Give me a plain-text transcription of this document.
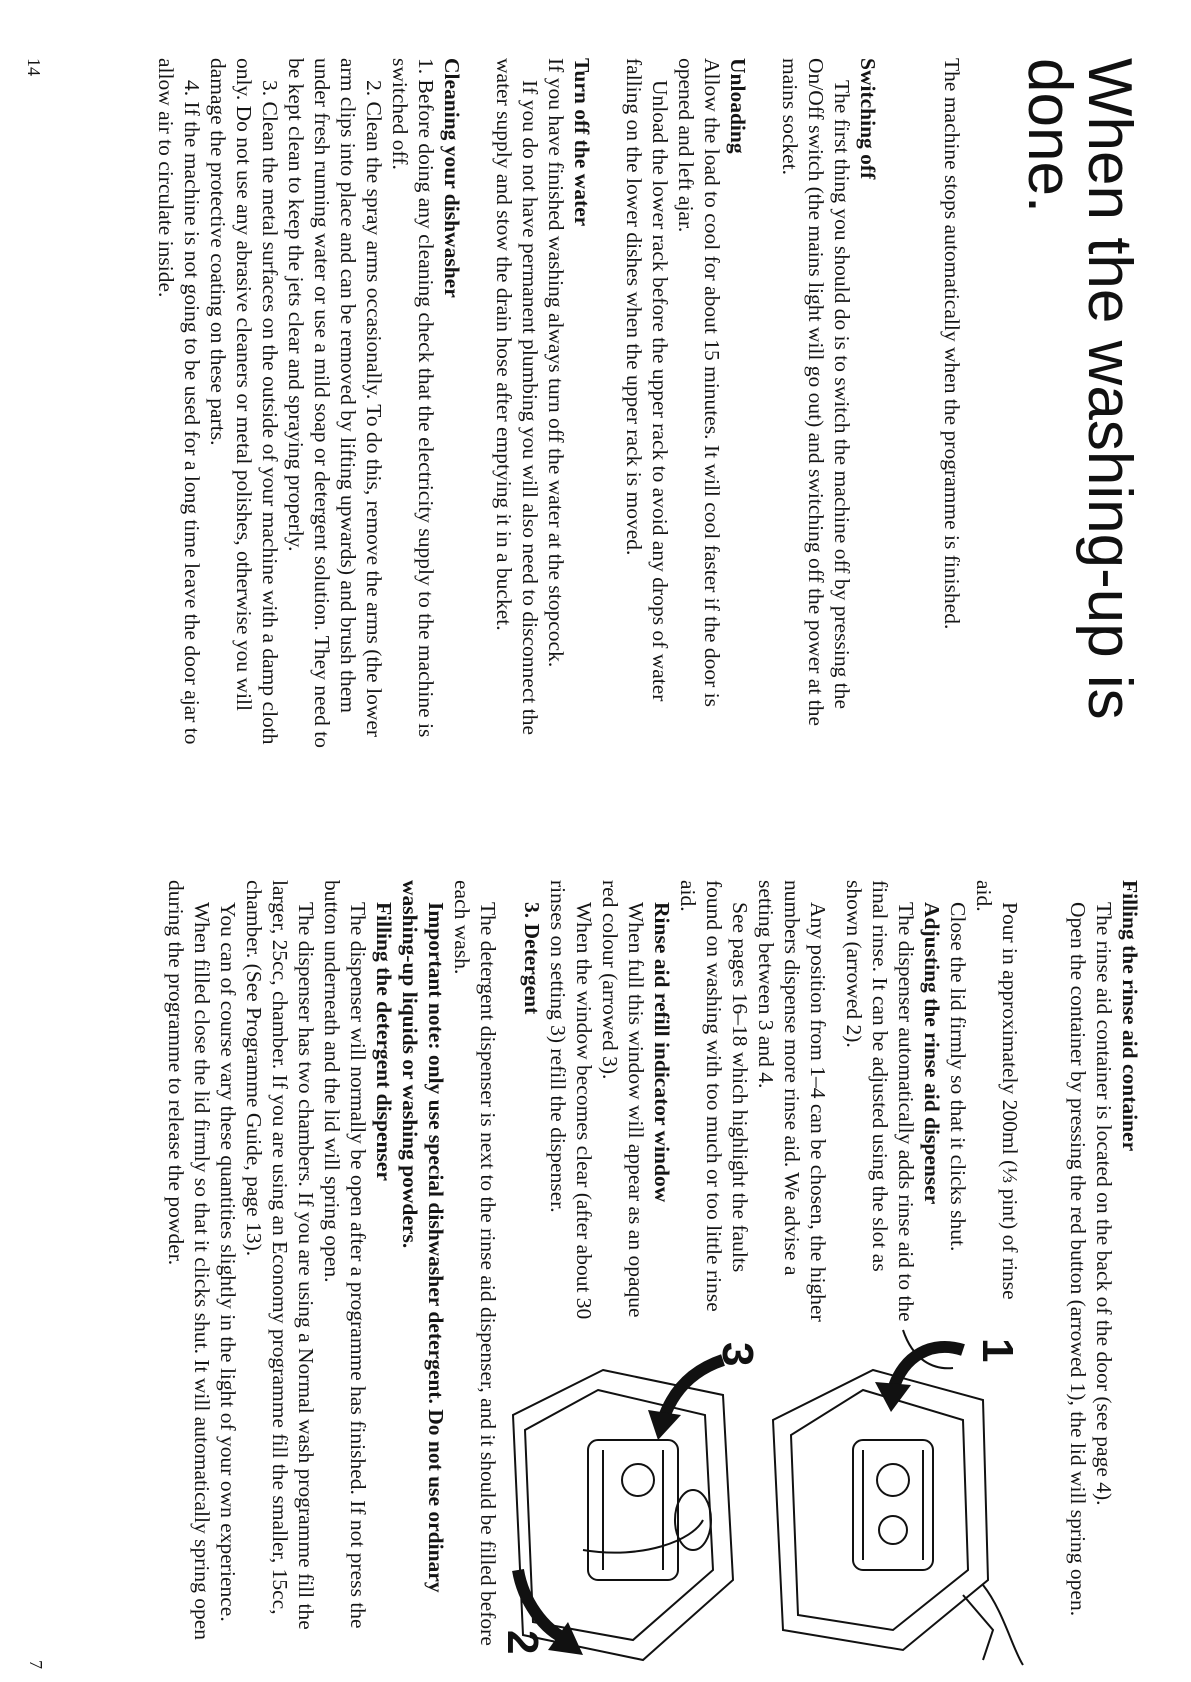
When the washing-up is done.

The machine stops automatically when the programme is finished.

Switching off

The first thing you should do is to switch the machine off by pressing the On/Off switch (the mains light will go out) and switching off the power at the mains socket.

Unloading

Allow the load to cool for about 15 minutes. It will cool faster if the door is opened and left ajar.

Unload the lower rack before the upper rack to avoid any drops of water falling on the lower dishes when the upper rack is moved.

Turn off the water

If you have finished washing always turn off the water at the stopcock.

If you do not have permanent plumbing you will also need to disconnect the water supply and stow the drain hose after emptying it in a bucket.

Cleaning your dishwasher

1. Before doing any cleaning check that the electricity supply to the machine is switched off.

2. Clean the spray arms occasionally. To do this, remove the arms (the lower arm clips into place and can be removed by lifting upwards) and brush them under fresh running water or use a mild soap or detergent solution. They need to be kept clean to keep the jets clear and spraying properly.

3. Clean the metal surfaces on the outside of your machine with a damp cloth only. Do not use any abrasive cleaners or metal polishes, otherwise you will damage the protective coating on these parts.

4. If the machine is not going to be used for a long time leave the door ajar to allow air to circulate inside.

14

Filling the rinse aid container

The rinse aid container is located on the back of the door (see page 4).

Open the container by pressing the red button (arrowed 1), the lid will spring open.

Pour in approximately 200ml (⅓ pint) of rinse aid.

Close the lid firmly so that it clicks shut.

Adjusting the rinse aid dispenser

The dispenser automatically adds rinse aid to the final rinse. It can be adjusted using the slot as shown (arrowed 2).

Any position from 1–4 can be chosen, the higher numbers dispense more rinse aid. We advise a setting between 3 and 4.

See pages 16–18 which highlight the faults found on washing with too much or too little rinse aid.

Rinse aid refill indicator window

When full this window will appear as an opaque red colour (arrowed 3).

When the window becomes clear (after about 30 rinses on setting 3) refill the dispenser.

3. Detergent

The detergent dispenser is next to the rinse aid dispenser, and it should be filled before each wash.

Important note: only use special dishwasher detergent. Do not use ordinary washing-up liquids or washing powders.

Filling the detergent dispenser

The dispenser will normally be open after a programme has finished. If not press the button underneath and the lid will spring open.

The dispenser has two chambers. If you are using a Normal wash programme fill the larger, 25cc, chamber. If you are using an Economy programme fill the smaller, 15cc, chamber. (See Programme Guide, page 13).

You can of course vary these quantities slightly in the light of your own experience.

When filled close the lid firmly so that it clicks shut. It will automatically spring open during the programme to release the powder.

7

1
2
3
